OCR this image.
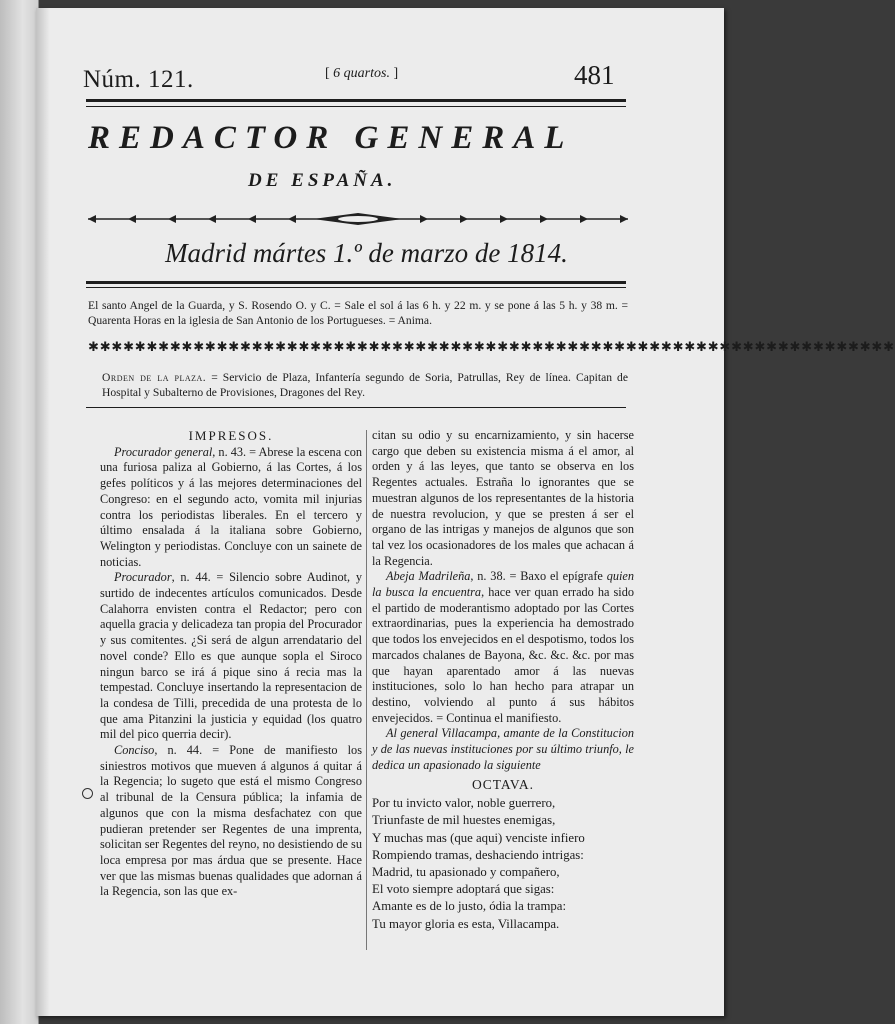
Núm. 121.	[ 6 quartos. ]	481
REDACTOR GENERAL
DE ESPAÑA.
Madrid mártes 1.º de marzo de 1814.
El santo Angel de la Guarda, y S. Rosendo O. y C. = Sale el sol á las 6 h. y 22 m. y se pone á las 5 h. y 38 m. = Quarenta Horas en la iglesia de San Antonio de los Portugueses. = Anima.
✱✱✱✱✱✱✱✱✱✱✱✱✱✱✱✱✱✱✱✱✱✱✱✱✱✱✱✱✱✱✱✱✱✱✱✱✱✱✱✱✱✱✱✱✱✱✱✱✱✱✱✱✱✱✱✱✱✱✱✱✱✱✱✱✱✱✱✱✱
Orden de la plaza. = Servicio de Plaza, Infantería segundo de Soria, Patrullas, Rey de línea. Capitan de Hospital y Subalterno de Provisiones, Dragones del Rey.

IMPRESOS.

Procurador general, n. 43. = Abrese la escena con una furiosa paliza al Gobierno, á las Cortes, á los gefes políticos y á las mejores determinaciones del Congreso: en el segundo acto, vomita mil injurias contra los periodistas liberales. En el tercero y último ensalada á la italiana sobre Gobierno, Welington y periodistas. Concluye con un sainete de noticias.

Procurador, n. 44. = Silencio sobre Audinot, y surtido de indecentes artículos comunicados. Desde Calahorra envisten contra el Redactor; pero con aquella gracia y delicadeza tan propia del Procurador y sus comitentes. ¿Si será de algun arrendatario del novel conde? Ello es que aunque sopla el Siroco ningun barco se irá á pique sino á recia mas la tempestad. Concluye insertando la representacion de la condesa de Tilli, precedida de una protesta de lo que ama Pitanzini la justicia y equidad (los quatro mil del pico querria decir).

Conciso, n. 44. = Pone de manifiesto los siniestros motivos que mueven á algunos á quitar á la Regencia; lo sugeto que está el mismo Congreso al tribunal de la Censura pública; la infamia de algunos que con la misma desfachatez con que pudieran pretender ser Regentes de una imprenta, solicitan ser Regentes del reyno, no desistiendo de su loca empresa por mas árdua que se presente. Hace ver que las mismas buenas qualidades que adornan á la Regencia, son las que ex-

citan su odio y su encarnizamiento, y sin hacerse cargo que deben su existencia misma á el amor, al orden y á las leyes, que tanto se observa en los Regentes actuales. Estraña lo ignorantes que se muestran algunos de los representantes de la historia de nuestra revolucion, y que se presten á ser el organo de las intrigas y manejos de algunos que son tal vez los ocasionadores de los males que achacan á la Regencia.

Abeja Madrileña, n. 38. = Baxo el epígrafe quien la busca la encuentra, hace ver quan errado ha sido el partido de moderantismo adoptado por las Cortes extraordinarias, pues la experiencia ha demostrado que todos los envejecidos en el despotismo, todos los marcados chalanes de Bayona, &c. &c. &c. por mas que hayan aparentado amor á las nuevas instituciones, solo lo han hecho para atrapar un destino, volviendo al punto á sus hábitos envejecidos. = Continua el manifiesto.

Al general Villacampa, amante de la Constitucion y de las nuevas instituciones por su último triunfo, le dedica un apasionado la siguiente

OCTAVA.

Por tu invicto valor, noble guerrero,

Triunfaste de mil huestes enemigas,

Y muchas mas (que aqui) venciste infiero

Rompiendo tramas, deshaciendo intrigas:

Madrid, tu apasionado y compañero,

El voto siempre adoptará que sigas:

Amante es de lo justo, ódia la trampa:

Tu mayor gloria es esta, Villacampa.
